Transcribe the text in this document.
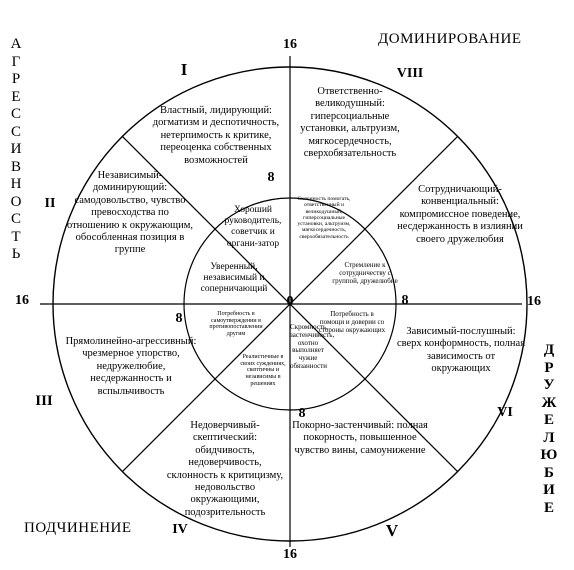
ДОМИНИРОВАНИЕ
ПОДЧИНЕНИЕ
А
Г
Р
Е
С
С
И
В
Н
О
С
Т
Ь
Д
Р
У
Ж
Е
Л
Ю
Б
И
Е
16
16
16	16
0
8
8
8
8
I
II
III
IV	V
VI
VIII
Властный, лидирующий: догматизм и деспотичность, нетерпимость к критике, переоценка собственных возможностей
Независимый-доминирующий: самодовольство, чувство превосходства по отношению к окружающим, обособленная позиция в группе
Прямолинейно-агрессивный: чрезмерное упорство, недружелюбие, несдержанность и вспыльчивость
Недоверчивый-скептический: обидчивость, недоверчивость, склонность к критицизму, недовольство окружающими, подозрительность
Покорно-застенчивый: полная покорность, повышенное чувство вины, самоунижение
Зависимый-послушный: сверх конформность, полная зависимость от окружающих
Сотрудничающий-конвенциальный: компромиссное поведение, несдержанность в излиянии своего дружелюбия
Ответственно-великодушный: гиперсоциальные установки, альтруизм, мягкосердечность, сверхобязательность
Хороший руководитель, советчик и органи-затор
Уверенный, независимый и соперничающий
Потребность в самоутверждении в противопоставлении другим
Реалистичные в своих суждениях, скептичны и независимы в решениях
Скромность, застенчивость, охотно выполняет чужие обязанности
Потребность в помощи и доверии со стороны окружающих
Стремление к сотрудничеству с группой, дружелюбие
Склонность помогать, ответственный и великодушный, гиперсоциальные установки, альтруизм, мягкосердечность, сверхобязательность
